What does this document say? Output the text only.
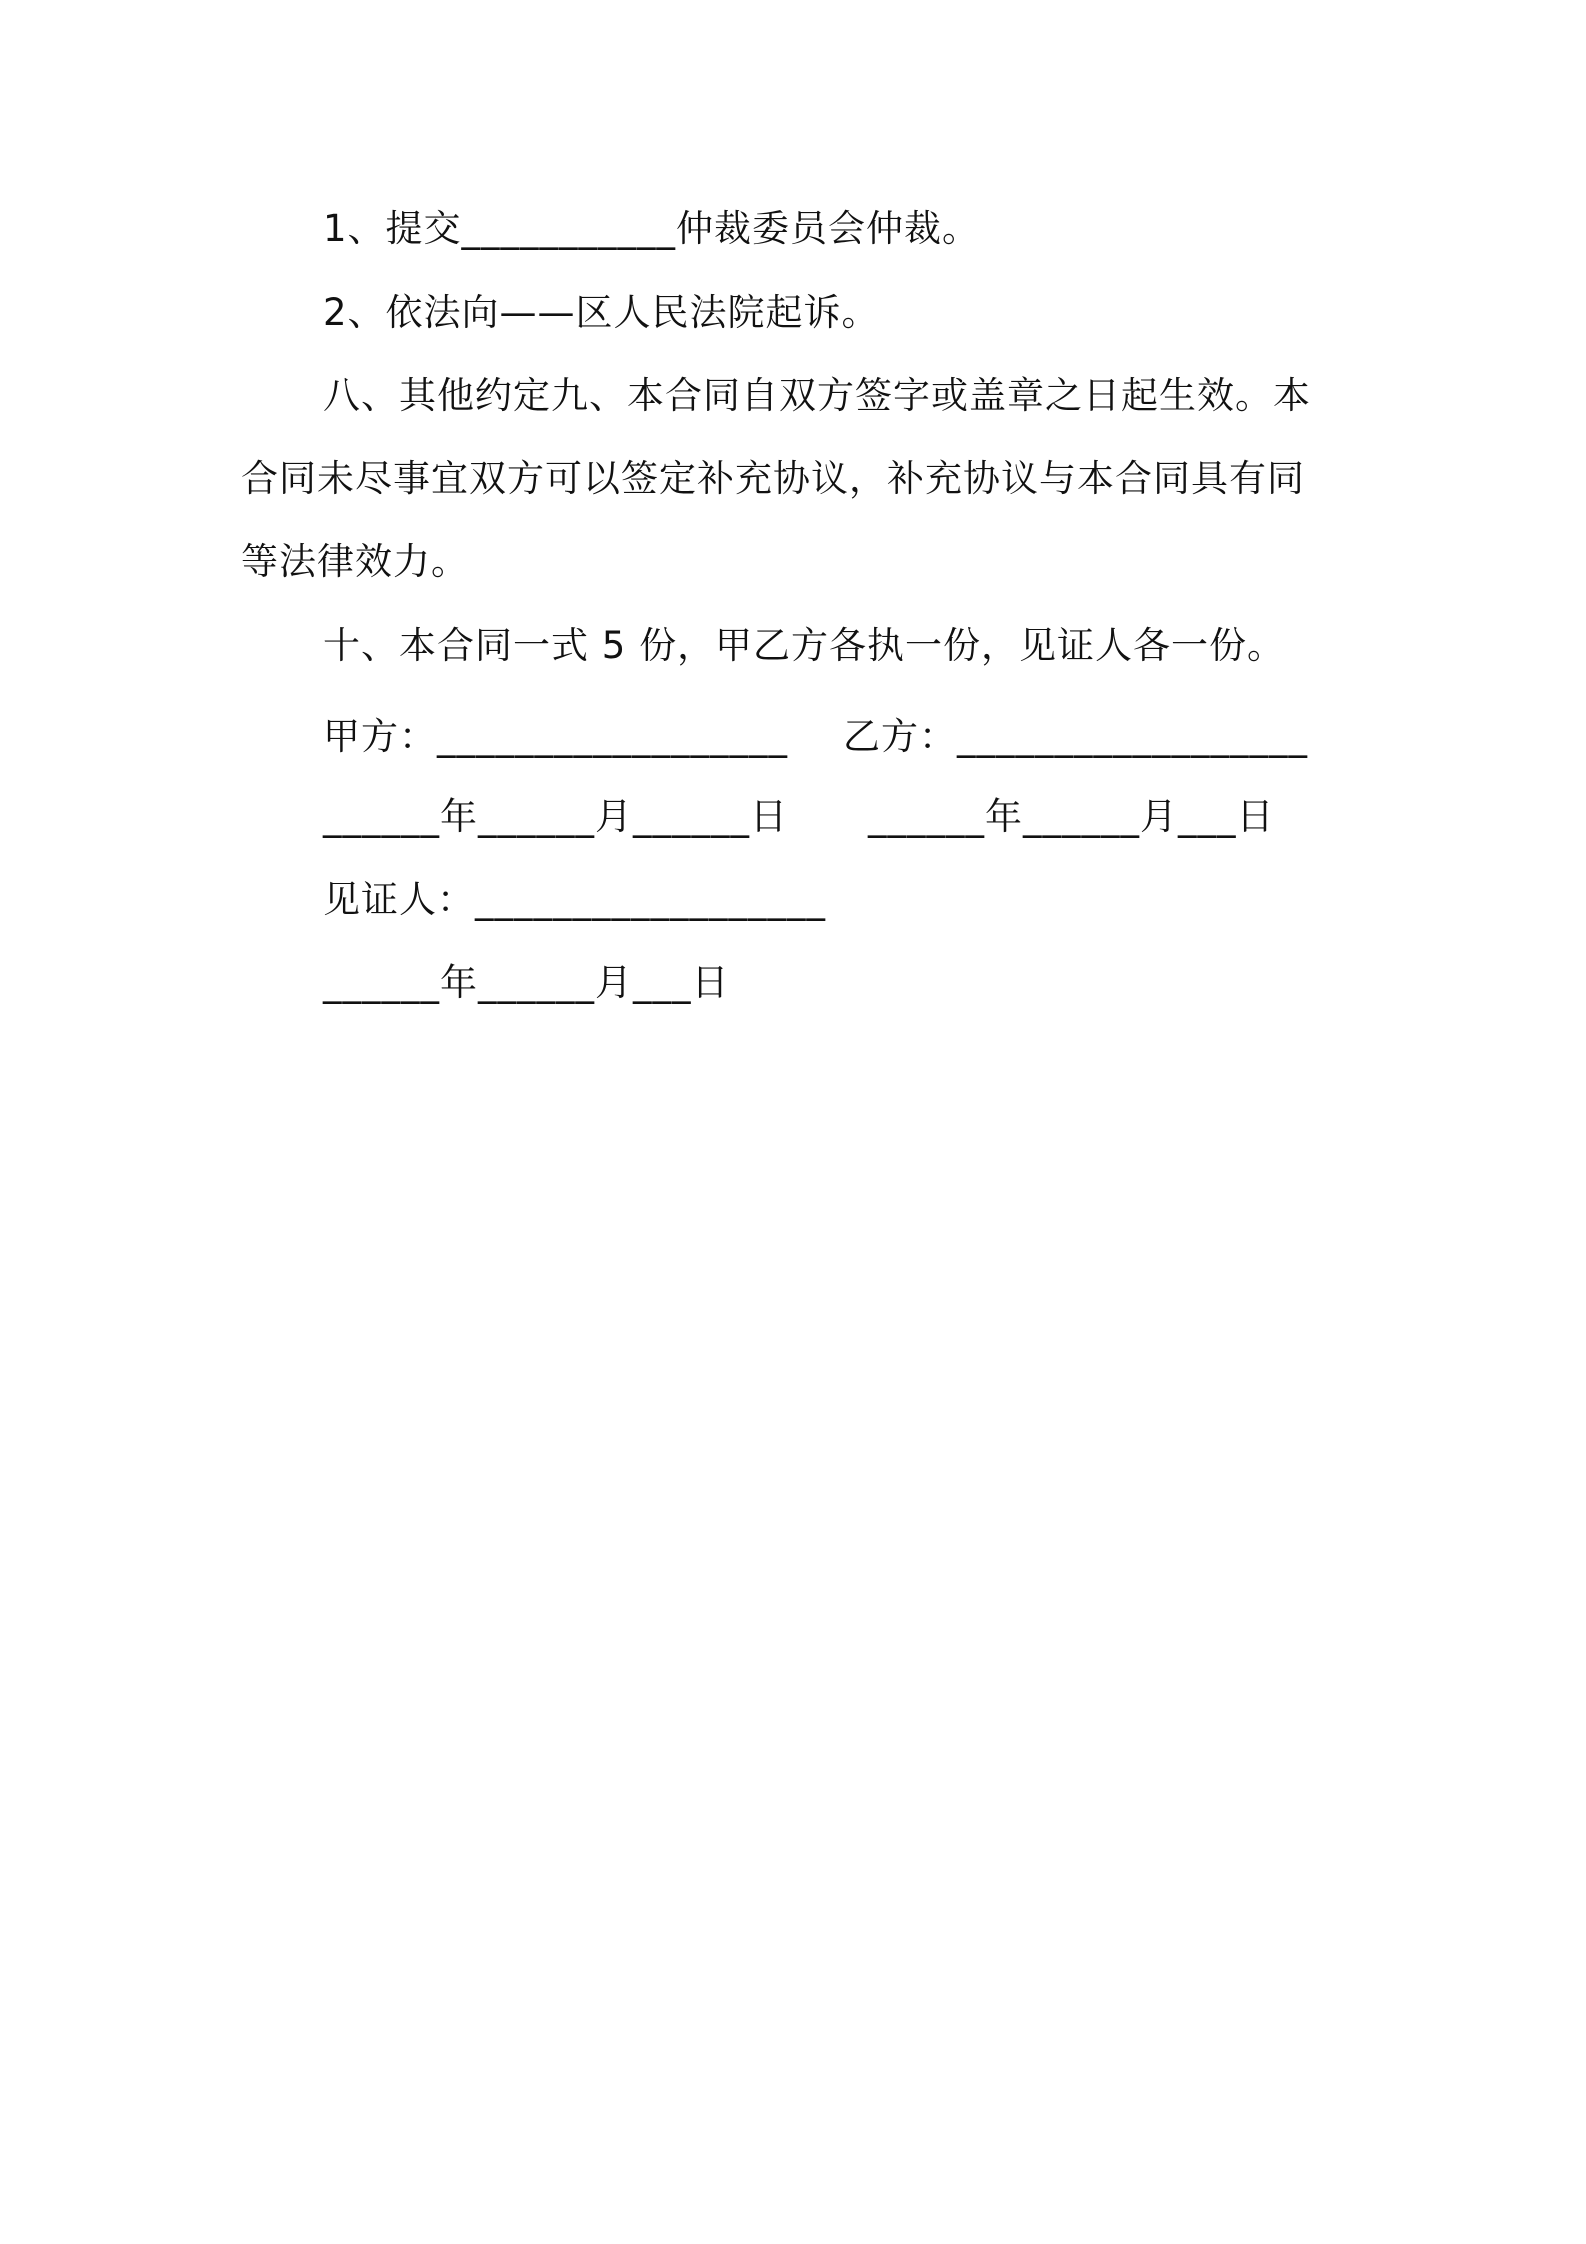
1、提交___________仲裁委员会仲裁。
2、依法向——区人民法院起诉。
八、其他约定九、本合同自双方签字或盖章之日起生效。本
合同未尽事宜双方可以签定补充协议，补充协议与本合同具有同
等法律效力。
十、本合同一式 5 份，甲乙方各执一份，见证人各一份。
甲方：__________________ 乙方：__________________
______年______月______日 ______年______月___日
见证人：__________________
______年______月___日
